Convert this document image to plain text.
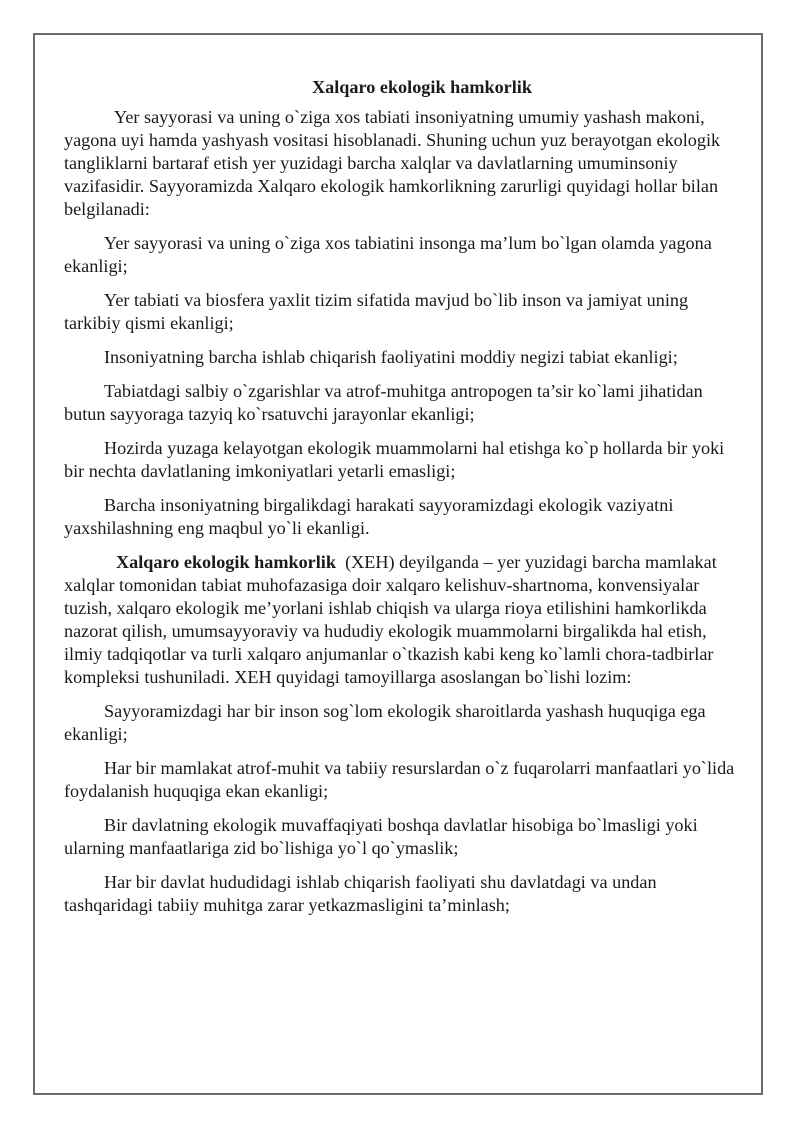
Xalqaro ekologik hamkorlik

Yer sayyorasi va uning o`ziga xos tabiati insoniyatning umumiy yashash makoni, yagona uyi hamda yashyash vositasi hisoblanadi. Shuning uchun yuz berayotgan ekologik tangliklarni bartaraf etish yer yuzidagi barcha xalqlar va davlatlarning umuminsoniy vazifasidir. Sayyoramizda Xalqaro ekologik hamkorlikning zarurligi quyidagi hollar bilan belgilanadi:

Yer sayyorasi va uning o`ziga xos tabiatini insonga ma’lum bo`lgan olamda yagona ekanligi;

Yer tabiati va biosfera yaxlit tizim sifatida mavjud bo`lib inson va jamiyat uning tarkibiy qismi ekanligi;

Insoniyatning barcha ishlab chiqarish faoliyatini moddiy negizi tabiat ekanligi;

Tabiatdagi salbiy o`zgarishlar va atrof-muhitga antropogen ta’sir ko`lami jihatidan butun sayyoraga tazyiq ko`rsatuvchi jarayonlar ekanligi;

Hozirda yuzaga kelayotgan ekologik muammolarni hal etishga ko`p hollarda bir yoki bir nechta davlatlaning imkoniyatlari yetarli emasligi;

Barcha insoniyatning birgalikdagi harakati sayyoramizdagi ekologik vaziyatni yaxshilashning eng maqbul yo`li ekanligi.

Xalqaro ekologik hamkorlik  (XEH) deyilganda – yer yuzidagi barcha mamlakat xalqlar tomonidan tabiat muhofazasiga doir xalqaro kelishuv-shartnoma, konvensiyalar tuzish, xalqaro ekologik me’yorlani ishlab chiqish va ularga rioya etilishini hamkorlikda nazorat qilish, umumsayyoraviy va hududiy ekologik muammolarni birgalikda hal etish, ilmiy tadqiqotlar va turli xalqaro anjumanlar o`tkazish kabi keng ko`lamli chora-tadbirlar kompleksi tushuniladi. XEH quyidagi tamoyillarga asoslangan bo`lishi lozim:

Sayyoramizdagi har bir inson sog`lom ekologik sharoitlarda yashash huquqiga ega ekanligi;

Har bir mamlakat atrof-muhit va tabiiy resurslardan o`z fuqarolarri manfaatlari yo`lida foydalanish huquqiga ekan ekanligi;

Bir davlatning ekologik muvaffaqiyati boshqa davlatlar hisobiga bo`lmasligi yoki ularning manfaatlariga zid bo`lishiga yo`l qo`ymaslik;

Har bir davlat hududidagi ishlab chiqarish faoliyati shu davlatdagi va undan tashqaridagi tabiiy muhitga zarar yetkazmasligini ta’minlash;
